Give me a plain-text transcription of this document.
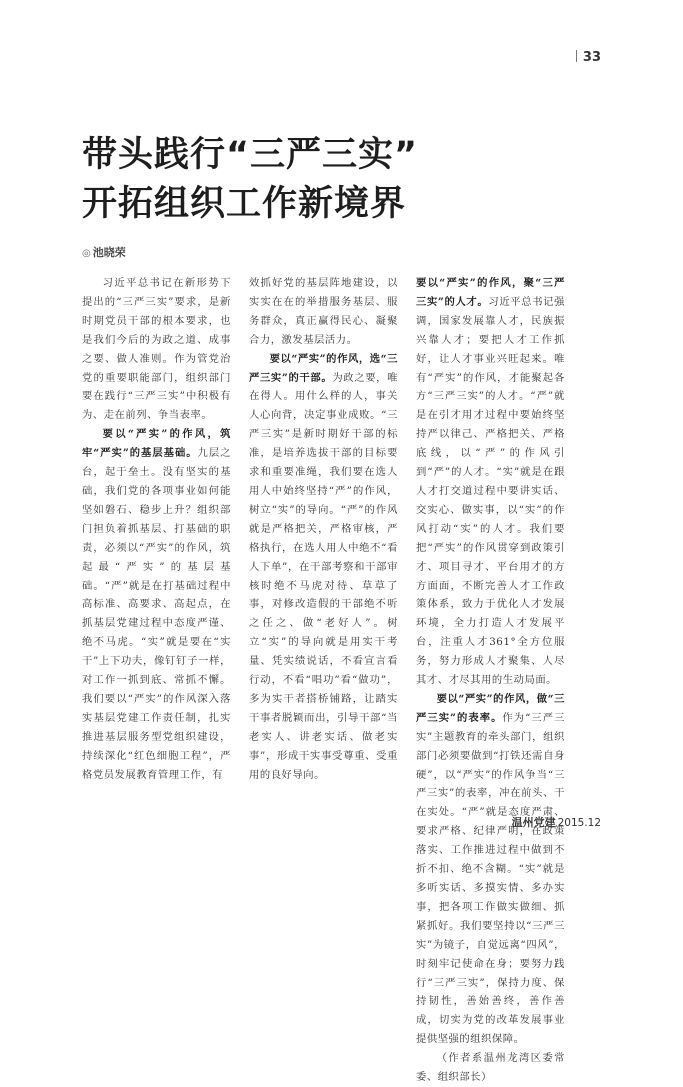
33
带头践行“三严三实”
开拓组织工作新境界
◎ 池晓荣

习近平总书记在新形势下提出的“三严三实”要求，是新时期党员干部的根本要求，也是我们今后的为政之道、成事之要、做人准则。作为管党治党的重要职能部门，组织部门要在践行“三严三实”中积极有为、走在前列、争当表率。

要以“严实”的作风，筑牢“严实”的基层基础。九层之台，起于垒土。没有坚实的基础，我们党的各项事业如何能坚如磐石、稳步上升？组织部门担负着抓基层、打基础的职责，必须以“严实”的作风，筑起最“严实”的基层基础。“严”就是在打基础过程中高标准、高要求、高起点，在抓基层党建过程中态度严谨、绝不马虎。“实”就是要在“实干”上下功夫，像钉钉子一样，对工作一抓到底、常抓不懈。我们要以“严实”的作风深入落实基层党建工作责任制，扎实推进基层服务型党组织建设，持续深化“红色细胞工程”，严格党员发展教育管理工作，有

效抓好党的基层阵地建设，以实实在在的举措服务基层、服务群众，真正赢得民心、凝聚合力，激发基层活力。

要以“严实”的作风，选“三严三实”的干部。为政之要，唯在得人。用什么样的人，事关人心向背，决定事业成败。“三严三实”是新时期好干部的标准，是培养选拔干部的目标要求和重要准绳，我们要在选人用人中始终坚持“严”的作风，树立“实”的导向。“严”的作风就是严格把关，严格审核，严格执行，在选人用人中绝不“看人下单”，在干部考察和干部审核时绝不马虎对待、草草了事，对修改造假的干部绝不听之任之、做“老好人”。树立“实”的导向就是用实干考量、凭实绩说话，不看宣言看行动，不看“唱功”看“做功”，多为实干者搭桥铺路，让踏实干事者脱颖而出，引导干部“当老实人、讲老实话、做老实事”，形成干实事受尊重、受重用的良好导向。

要以“严实”的作风，聚“三严三实”的人才。习近平总书记强调，国家发展靠人才，民族振兴靠人才；要把人才工作抓好，让人才事业兴旺起来。唯有“严实”的作风，才能聚起各方“三严三实”的人才。“严”就是在引才用才过程中要始终坚持严以律己、严格把关、严格底线，以“严”的作风引到“严”的人才。“实”就是在跟人才打交道过程中要讲实话、交实心、做实事，以“实”的作风打动“实”的人才。我们要把“严实”的作风贯穿到政策引才、项目寻才、平台用才的方方面面，不断完善人才工作政策体系，致力于优化人才发展环境，全力打造人才发展平台，注重人才361°全方位服务，努力形成人才聚集、人尽其才、才尽其用的生动局面。

要以“严实”的作风，做“三严三实”的表率。作为“三严三实”主题教育的牵头部门，组织部门必须要做到“打铁还需自身硬”，以“严实”的作风争当“三严三实”的表率，冲在前头、干在实处。“严”就是态度严肃、要求严格、纪律严明，在政策落实、工作推进过程中做到不折不扣、绝不含糊。“实”就是多听实话、多摸实情、多办实事，把各项工作做实做细、抓紧抓好。我们要坚持以“三严三实”为镜子，自觉远离“四风”，时刻牢记使命在身；要努力践行“三严三实”，保持力度、保持韧性，善始善终，善作善成，切实为党的改革发展事业提供坚强的组织保障。

（作者系温州龙湾区委常委、组织部长）

温州党建 2015.12
